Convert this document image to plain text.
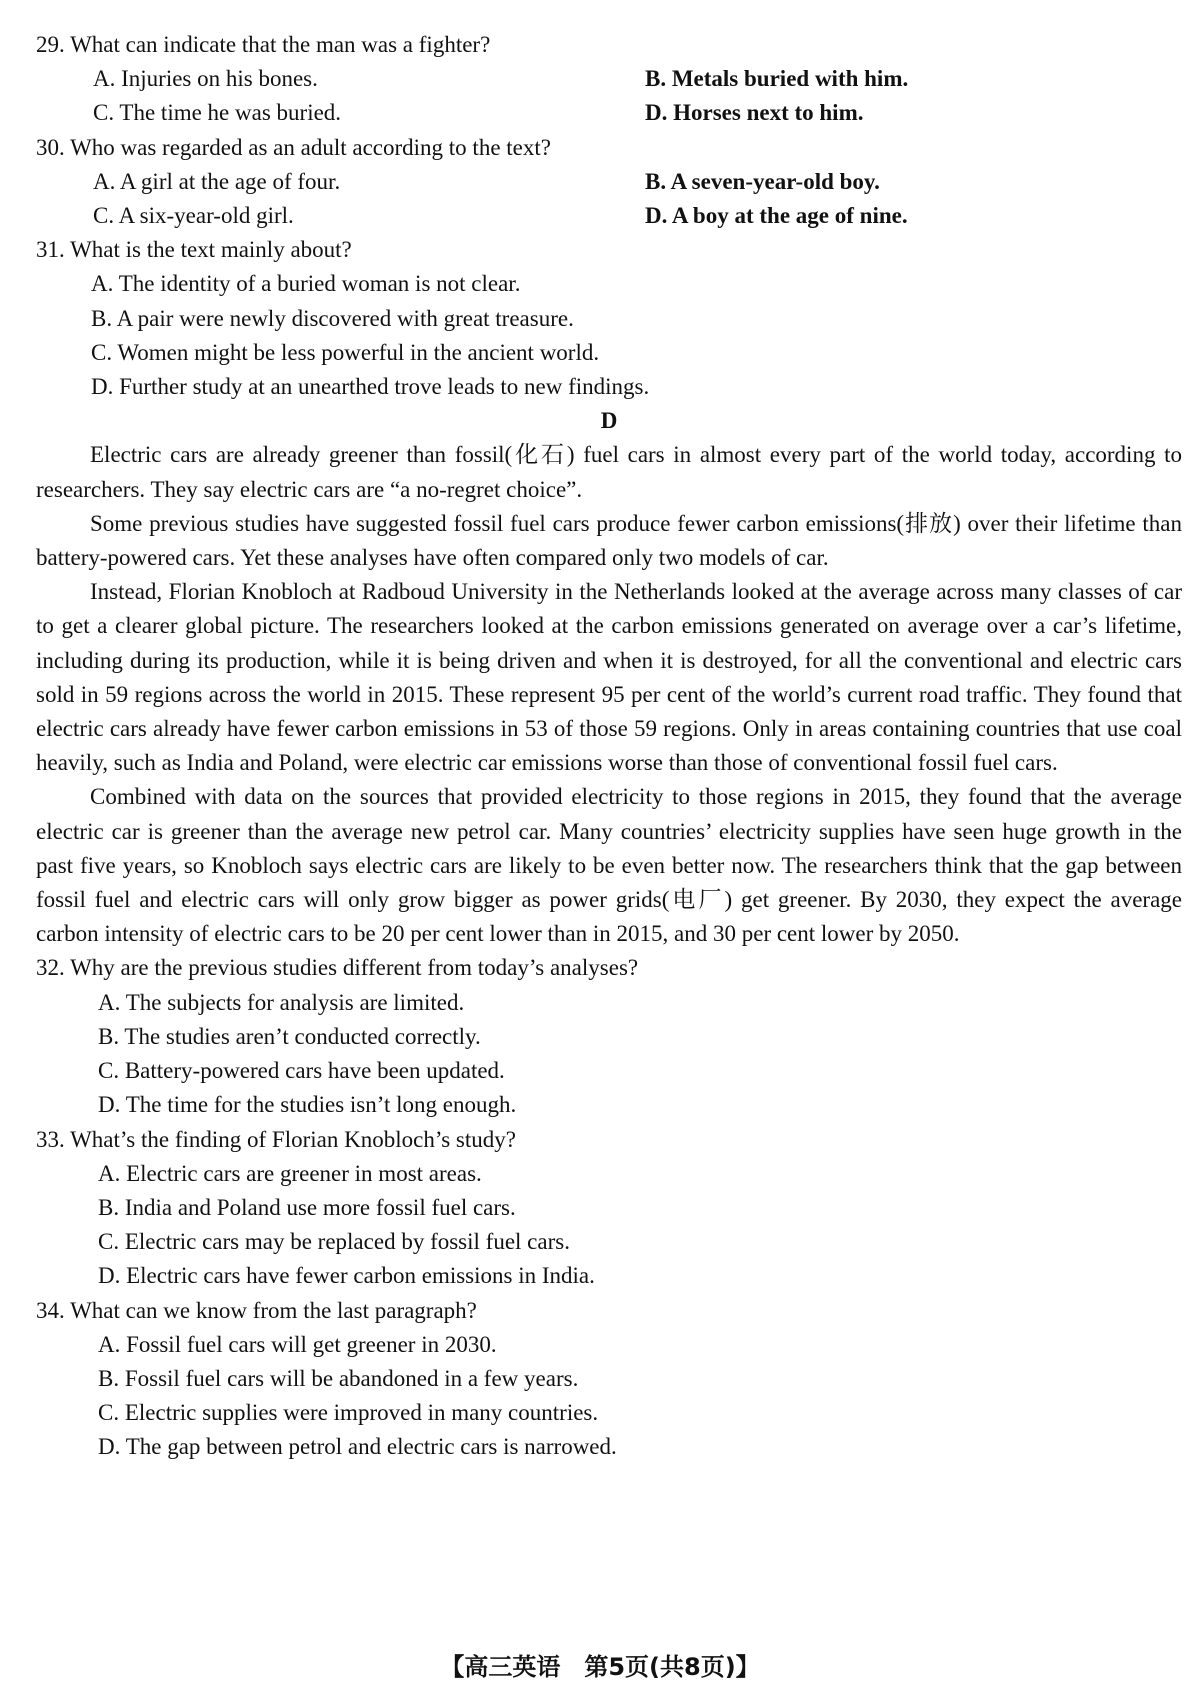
29. What can indicate that the man was a fighter?
A. Injuries on his bones.	B. Metals buried with him.
C. The time he was buried.	D. Horses next to him.
30. Who was regarded as an adult according to the text?
A. A girl at the age of four.	B. A seven-year-old boy.
C. A six-year-old girl.	D. A boy at the age of nine.
31. What is the text mainly about?
A. The identity of a buried woman is not clear.
B. A pair were newly discovered with great treasure.
C. Women might be less powerful in the ancient world.
D. Further study at an unearthed trove leads to new findings.

D

Electric cars are already greener than fossil(化石) fuel cars in almost every part of the world today, according to researchers. They say electric cars are “a no-regret choice”.

Some previous studies have suggested fossil fuel cars produce fewer carbon emissions(排放) over their lifetime than battery-powered cars. Yet these analyses have often compared only two models of car.

Instead, Florian Knobloch at Radboud University in the Netherlands looked at the average across many classes of car to get a clearer global picture. The researchers looked at the carbon emissions generated on average over a car’s lifetime, including during its production, while it is being driven and when it is destroyed, for all the conventional and electric cars sold in 59 regions across the world in 2015. These represent 95 per cent of the world’s current road traffic. They found that electric cars already have fewer carbon emissions in 53 of those 59 regions. Only in areas containing countries that use coal heavily, such as India and Poland, were electric car emissions worse than those of conventional fossil fuel cars.

Combined with data on the sources that provided electricity to those regions in 2015, they found that the average electric car is greener than the average new petrol car. Many countries’ electricity supplies have seen huge growth in the past five years, so Knobloch says electric cars are likely to be even better now. The researchers think that the gap between fossil fuel and electric cars will only grow bigger as power grids(电厂) get greener. By 2030, they expect the average carbon intensity of electric cars to be 20 per cent lower than in 2015, and 30 per cent lower by 2050.

32. Why are the previous studies different from today’s analyses?
A. The subjects for analysis are limited.
B. The studies aren’t conducted correctly.
C. Battery-powered cars have been updated.
D. The time for the studies isn’t long enough.
33. What’s the finding of Florian Knobloch’s study?
A. Electric cars are greener in most areas.
B. India and Poland use more fossil fuel cars.
C. Electric cars may be replaced by fossil fuel cars.
D. Electric cars have fewer carbon emissions in India.
34. What can we know from the last paragraph?
A. Fossil fuel cars will get greener in 2030.
B. Fossil fuel cars will be abandoned in a few years.
C. Electric supplies were improved in many countries.
D. The gap between petrol and electric cars is narrowed.
【高三英语　第5页(共8页)】
